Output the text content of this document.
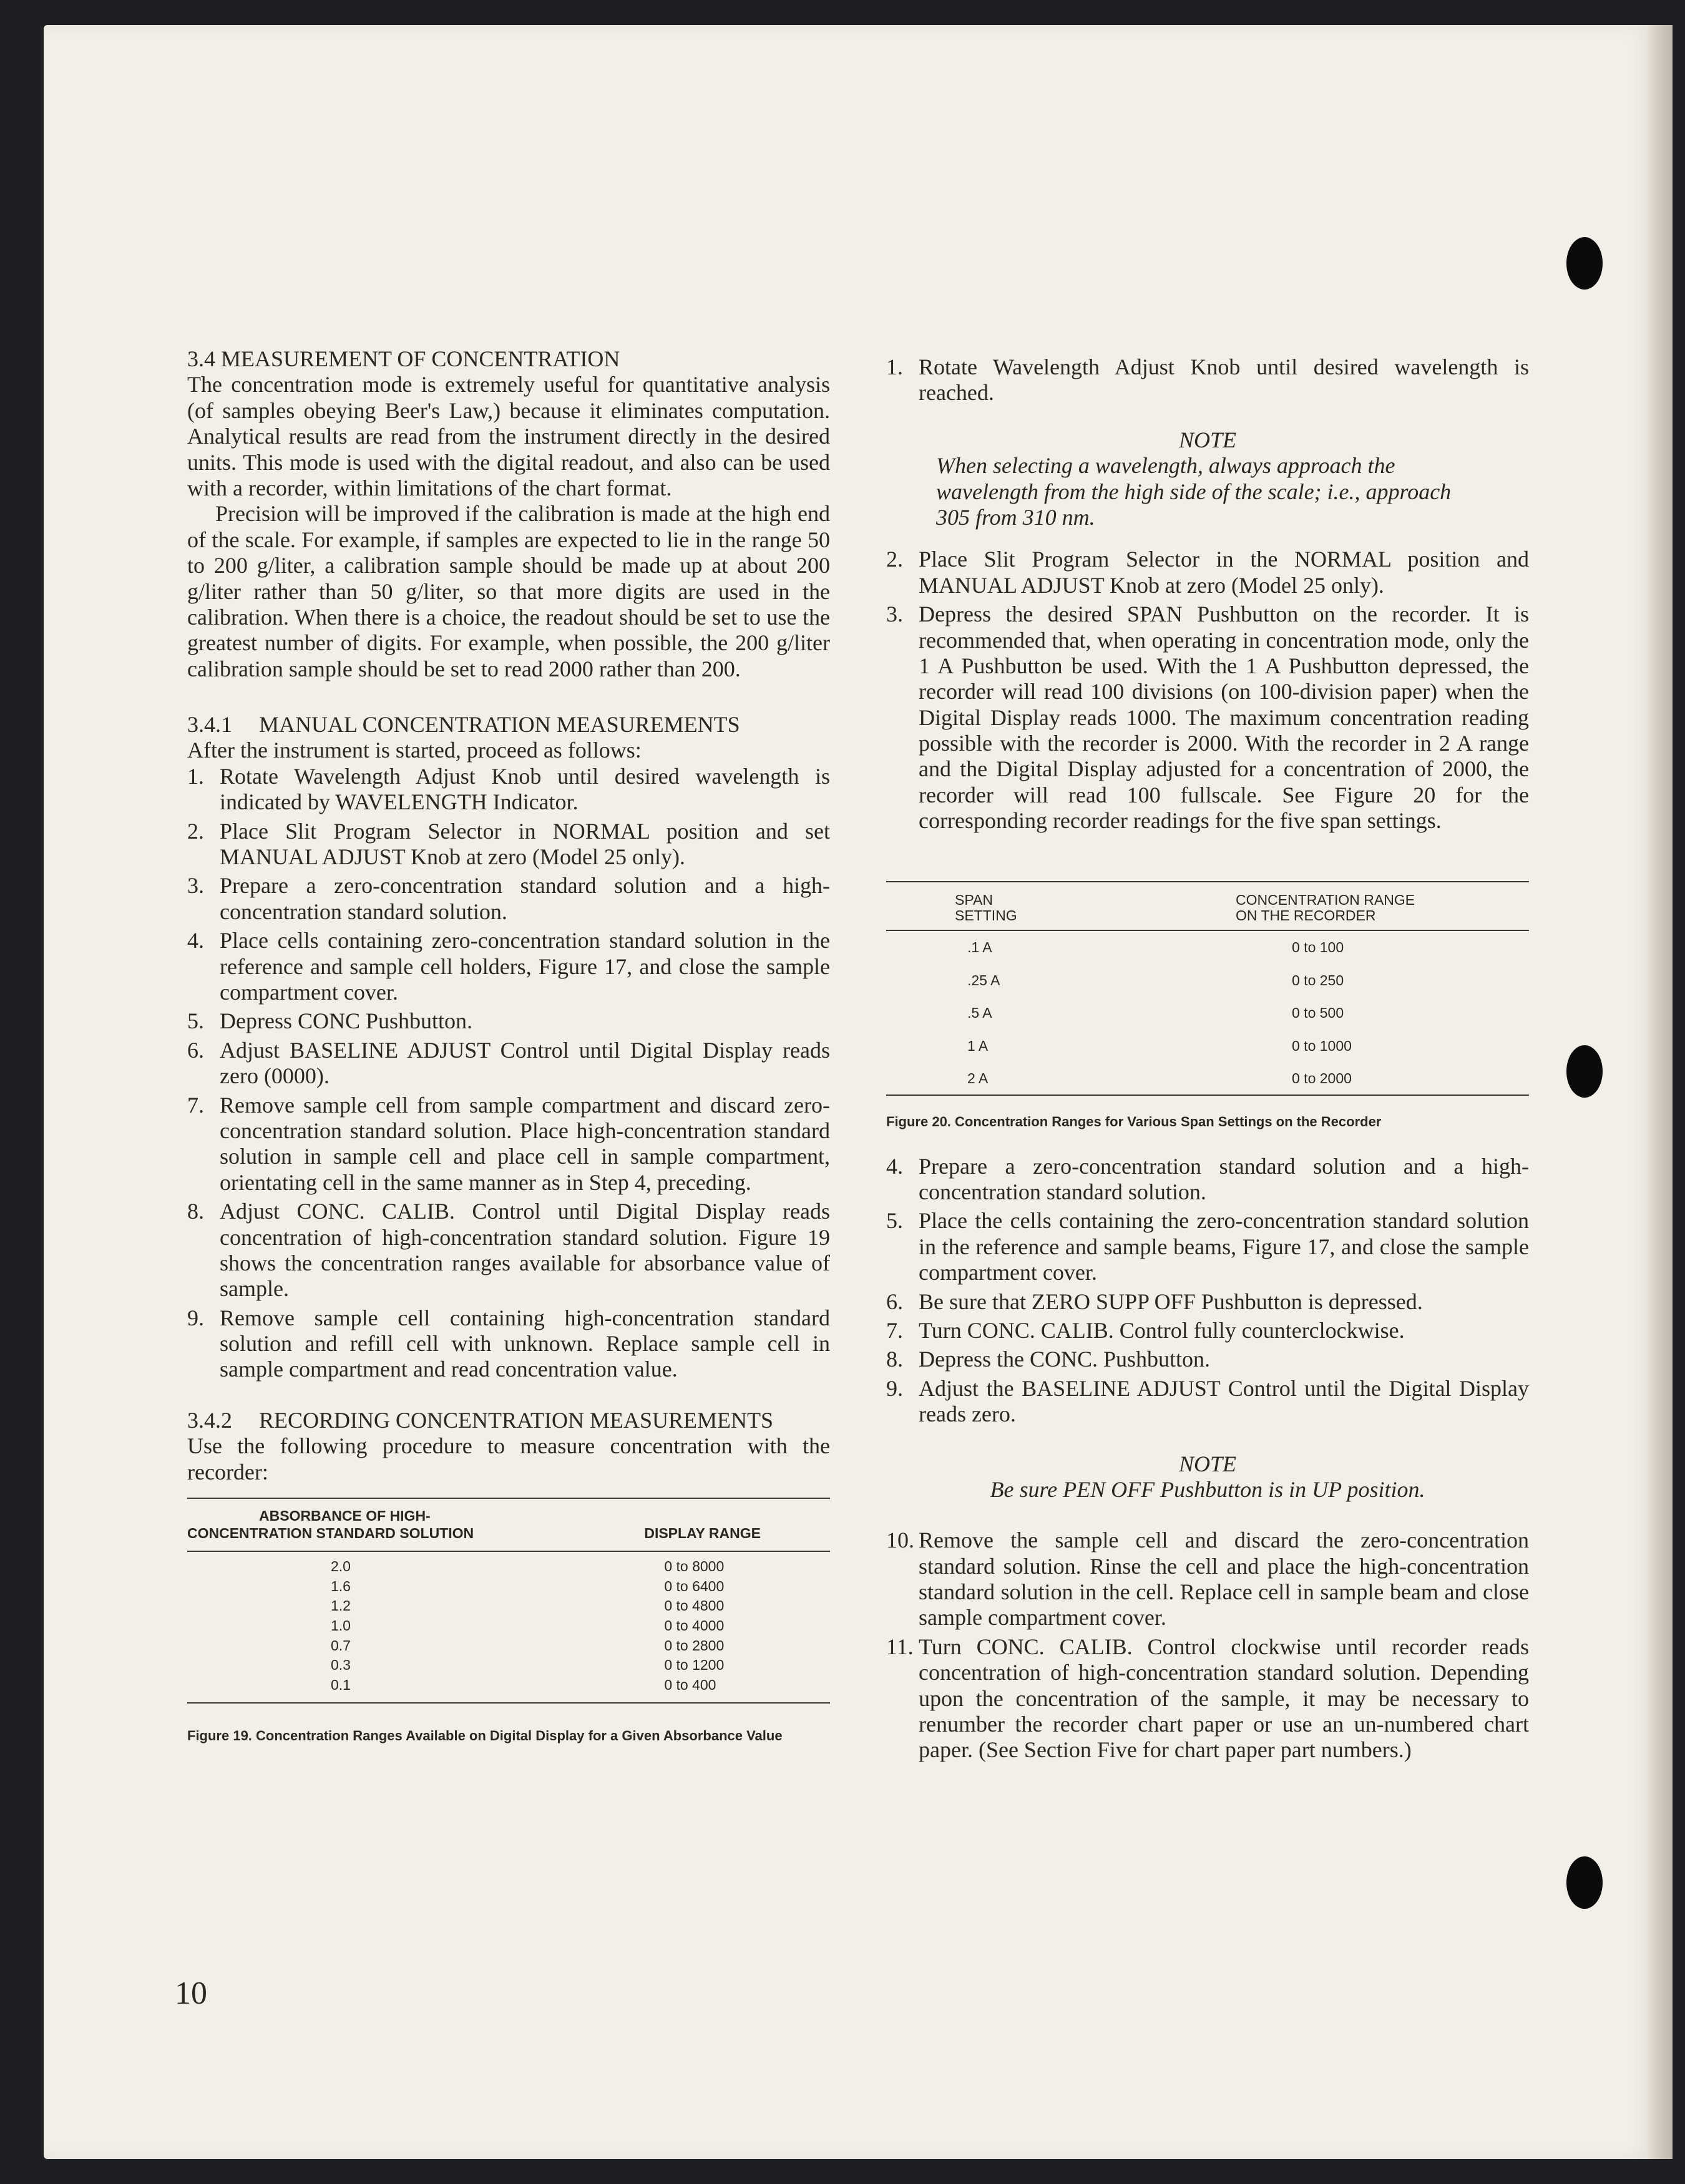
3.4 MEASUREMENT OF CONCENTRATION

The concentration mode is extremely useful for quantitative analysis (of samples obeying Beer's Law,) because it eliminates computation. Analytical results are read from the instrument directly in the desired units. This mode is used with the digital readout, and also can be used with a recorder, within limitations of the chart format.

Precision will be improved if the calibration is made at the high end of the scale. For example, if samples are expected to lie in the range 50 to 200 g/liter, a calibration sample should be made up at about 200 g/liter rather than 50 g/liter, so that more digits are used in the calibration. When there is a choice, the readout should be set to use the greatest number of digits. For example, when possible, the 200 g/liter calibration sample should be set to read 2000 rather than 200.

3.4.1	MANUAL CONCENTRATION MEASUREMENTS

After the instrument is started, proceed as follows:

1. Rotate Wavelength Adjust Knob until desired wavelength is indicated by WAVELENGTH Indicator.
2. Place Slit Program Selector in NORMAL position and set MANUAL ADJUST Knob at zero (Model 25 only).
3. Prepare a zero-concentration standard solution and a high-concentration standard solution.
4. Place cells containing zero-concentration standard solution in the reference and sample cell holders, Figure 17, and close the sample compartment cover.
5. Depress CONC Pushbutton.
6. Adjust BASELINE ADJUST Control until Digital Display reads zero (0000).
7. Remove sample cell from sample compartment and discard zero-concentration standard solution. Place high-concentration standard solution in sample cell and place cell in sample compartment, orientating cell in the same manner as in Step 4, preceding.
8. Adjust CONC. CALIB. Control until Digital Display reads concentration of high-concentration standard solution. Figure 19 shows the concentration ranges available for absorbance value of sample.
9. Remove sample cell containing high-concentration standard solution and refill cell with unknown. Replace sample cell in sample compartment and read concentration value.
3.4.2	RECORDING CONCENTRATION MEASUREMENTS

Use the following procedure to measure concentration with the recorder:

ABSORBANCE OF HIGH-
CONCENTRATION STANDARD SOLUTION	DISPLAY RANGE
2.0	0 to 8000
1.6	0 to 6400
1.2	0 to 4800
1.0	0 to 4000
0.7	0 to 2800
0.3	0 to 1200
0.1	0 to 400
Figure 19. Concentration Ranges Available on Digital Display for a Given Absorbance Value
1. Rotate Wavelength Adjust Knob until desired wavelength is reached.
NOTE
When selecting a wavelength, always approach the wavelength from the high side of the scale; i.e., approach 305 from 310 nm.
2. Place Slit Program Selector in the NORMAL position and MANUAL ADJUST Knob at zero (Model 25 only).
3. Depress the desired SPAN Pushbutton on the recorder. It is recommended that, when operating in concentration mode, only the 1 A Pushbutton be used. With the 1 A Pushbutton depressed, the recorder will read 100 divisions (on 100-division paper) when the Digital Display reads 1000. The maximum concentration reading possible with the recorder is 2000. With the recorder in 2 A range and the Digital Display adjusted for a concentration of 2000, the recorder will read 100 fullscale. See Figure 20 for the corresponding recorder readings for the five span settings.
SPAN
SETTING	CONCENTRATION RANGE
ON THE RECORDER

.1 A	0 to 100
.25 A	0 to 250
.5 A	0 to 500
1 A	0 to 1000
2 A	0 to 2000
Figure 20. Concentration Ranges for Various Span Settings on the Recorder
4. Prepare a zero-concentration standard solution and a high-concentration standard solution.
5. Place the cells containing the zero-concentration standard solution in the reference and sample beams, Figure 17, and close the sample compartment cover.
6. Be sure that ZERO SUPP OFF Pushbutton is depressed.
7. Turn CONC. CALIB. Control fully counterclockwise.
8. Depress the CONC. Pushbutton.
9. Adjust the BASELINE ADJUST Control until the Digital Display reads zero.
NOTE
Be sure PEN OFF Pushbutton is in UP position.
10. Remove the sample cell and discard the zero-concentration standard solution. Rinse the cell and place the high-concentration standard solution in the cell. Replace cell in sample beam and close sample compartment cover.
11. Turn CONC. CALIB. Control clockwise until recorder reads concentration of high-concentration standard solution. Depending upon the concentration of the sample, it may be necessary to renumber the recorder chart paper or use an un-numbered chart paper. (See Section Five for chart paper part numbers.)
10
